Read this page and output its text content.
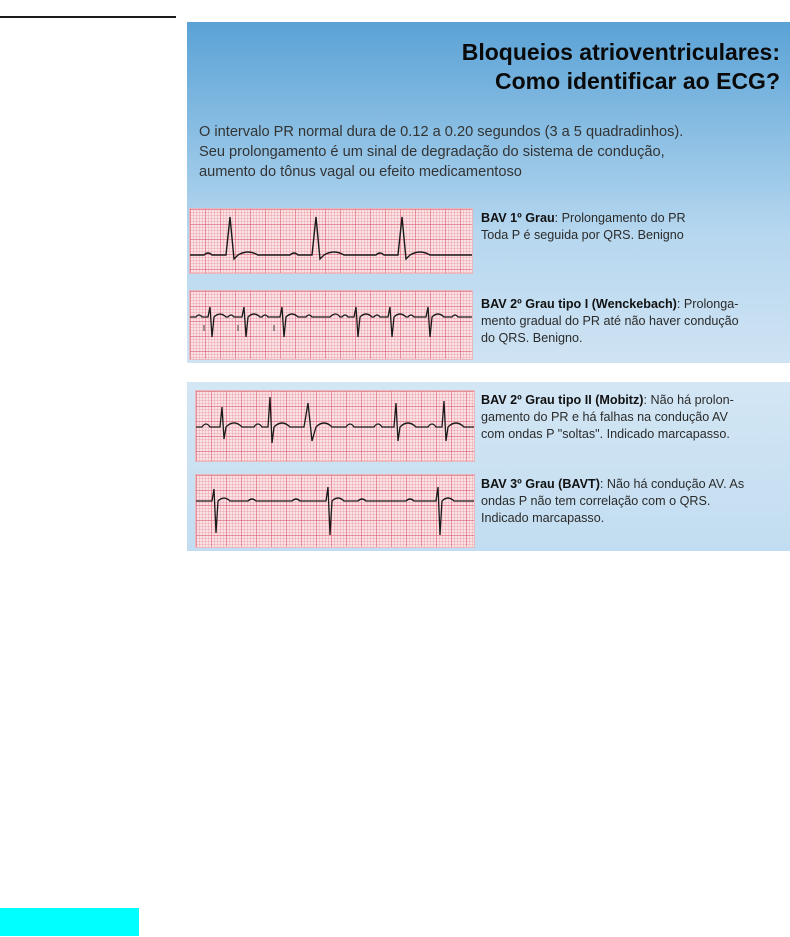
Bloqueios atrioventriculares:
Como identificar ao ECG?
O intervalo PR normal dura de 0.12 a 0.20 segundos (3 a 5 quadradinhos).
Seu prolongamento é um sinal de degradação do sistema de condução,
aumento do tônus vagal ou efeito medicamentoso
BAV 1º Grau: Prolongamento do PR
Toda P é seguida por QRS. Benigno
BAV 2º Grau tipo I (Wenckebach): Prolonga-
mento gradual do PR até não haver condução
do QRS. Benigno.
BAV 2º Grau tipo II (Mobitz): Não há prolon-
gamento do PR e há falhas na condução AV
com ondas P "soltas". Indicado marcapasso.
BAV 3º Grau (BAVT): Não há condução AV. As
ondas P não tem correlação com o QRS.
Indicado marcapasso.
